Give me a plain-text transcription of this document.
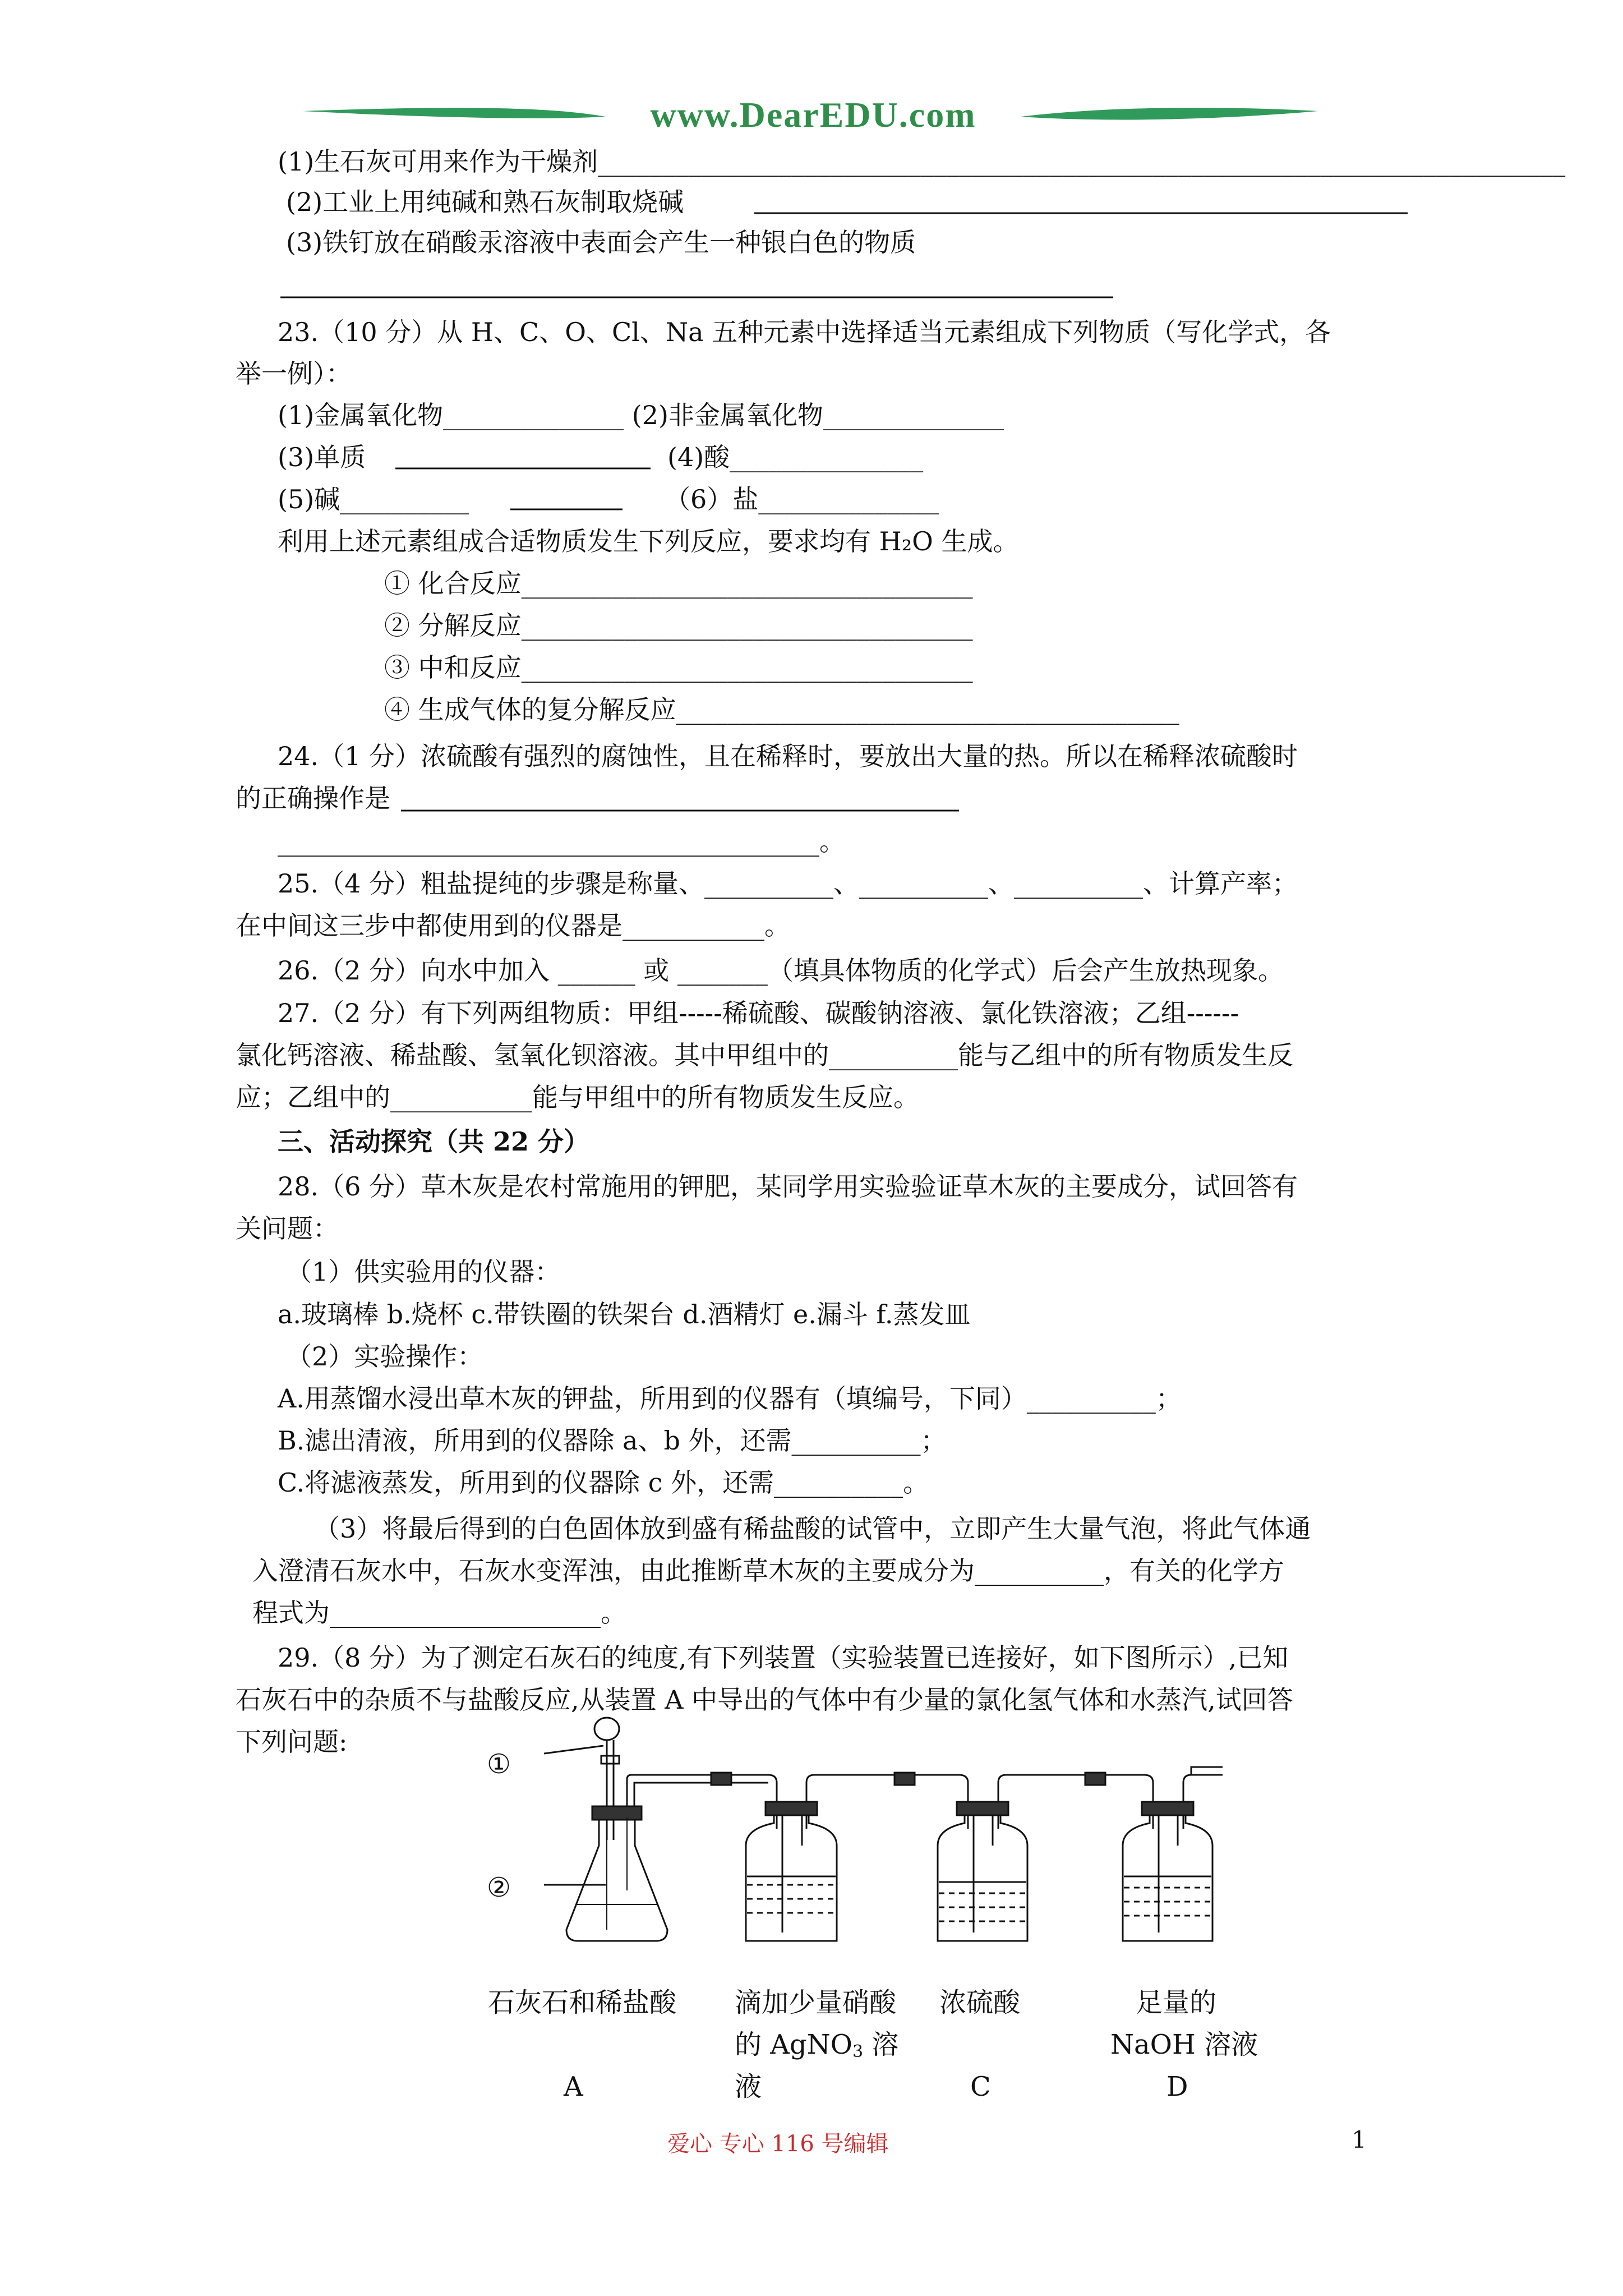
www.DearEDU.com
(1)生石灰可用来作为干燥剂___________________________________________________________________________
(2)工业上用纯碱和熟石灰制取烧碱
(3)铁钉放在硝酸汞溶液中表面会产生一种银白色的物质
23.（10 分）从 H、C、O、Cl、Na 五种元素中选择适当元素组成下列物质（写化学式，各
举一例）：
(1)金属氧化物______________ (2)非金属氧化物______________
(3)单质	(4)酸_______________
(5)碱__________	（6）盐______________
利用上述元素组成合适物质发生下列反应，要求均有 H₂O 生成。
① 化合反应___________________________________
② 分解反应___________________________________
③ 中和反应___________________________________
④ 生成气体的复分解反应_______________________________________
24.（1 分）浓硫酸有强烈的腐蚀性，且在稀释时，要放出大量的热。所以在稀释浓硫酸时
的正确操作是
__________________________________________。
25.（4 分）粗盐提纯的步骤是称量、__________、__________、__________、计算产率；
在中间这三步中都使用到的仪器是___________。
26.（2 分）向水中加入 ______ 或 _______（填具体物质的化学式）后会产生放热现象。
27.（2 分）有下列两组物质：甲组-----稀硫酸、碳酸钠溶液、氯化铁溶液；乙组------
氯化钙溶液、稀盐酸、氢氧化钡溶液。其中甲组中的__________能与乙组中的所有物质发生反
应；乙组中的___________能与甲组中的所有物质发生反应。
三、活动探究（共 22 分）
28.（6 分）草木灰是农村常施用的钾肥，某同学用实验验证草木灰的主要成分，试回答有
关问题：
（1）供实验用的仪器：
a.玻璃棒 b.烧杯 c.带铁圈的铁架台 d.酒精灯 e.漏斗 f.蒸发皿
（2）实验操作：
A.用蒸馏水浸出草木灰的钾盐，所用到的仪器有（填编号，下同）__________；
B.滤出清液，所用到的仪器除 a、b 外，还需__________；
C.将滤液蒸发，所用到的仪器除 c 外，还需__________。
（3）将最后得到的白色固体放到盛有稀盐酸的试管中，立即产生大量气泡，将此气体通
入澄清石灰水中，石灰水变浑浊，由此推断草木灰的主要成分为__________，有关的化学方
程式为_____________________。
29.（8 分）为了测定石灰石的纯度,有下列装置（实验装置已连接好，如下图所示）,已知
石灰石中的杂质不与盐酸反应,从装置 A 中导出的气体中有少量的氯化氢气体和水蒸汽,试回答
下列问题:
①
②
石灰石和稀盐酸 滴加少量硝酸
的 AgNO$_3$ 溶
液
浓硫酸	足量的
NaOH 溶液
A	C	D
爱心 专心 116 号编辑	1
